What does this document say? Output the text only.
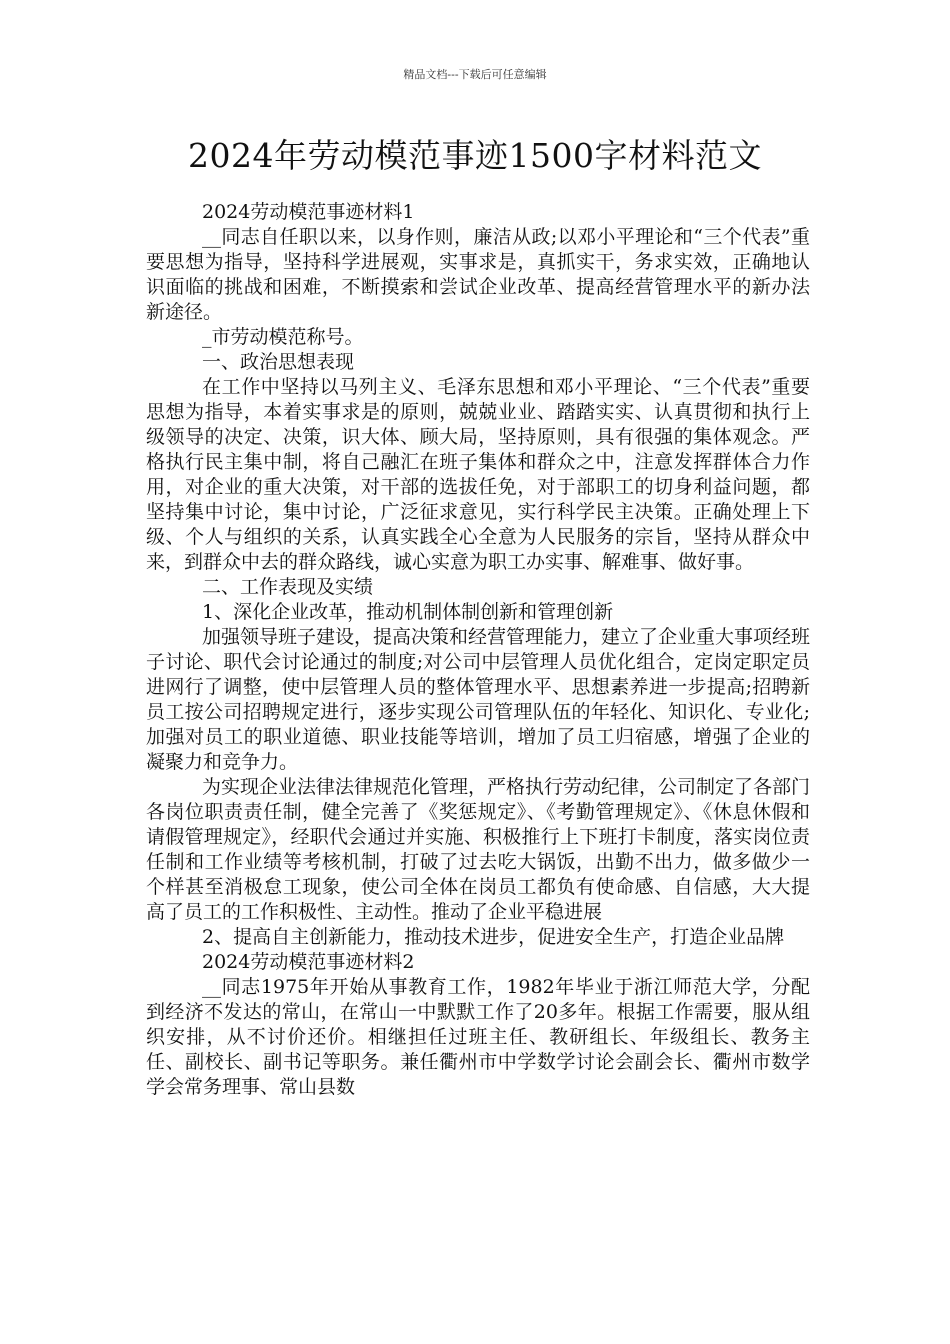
精品文档---下载后可任意编辑
2024年劳动模范事迹1500字材料范文

2024劳动模范事迹材料1

__同志自任职以来，以身作则，廉洁从政;以邓小平理论和“三个代表”重要思想为指导，坚持科学进展观，实事求是，真抓实干，务求实效，正确地认识面临的挑战和困难，不断摸索和尝试企业改革、提高经营管理水平的新办法新途径。

_市劳动模范称号。

一、政治思想表现

在工作中坚持以马列主义、毛泽东思想和邓小平理论、“三个代表”重要思想为指导，本着实事求是的原则，兢兢业业、踏踏实实、认真贯彻和执行上级领导的决定、决策，识大体、顾大局，坚持原则，具有很强的集体观念。严格执行民主集中制，将自己融汇在班子集体和群众之中，注意发挥群体合力作用，对企业的重大决策，对干部的选拔任免，对于部职工的切身利益问题，都坚持集中讨论，集中讨论，广泛征求意见，实行科学民主决策。正确处理上下级、个人与组织的关系，认真实践全心全意为人民服务的宗旨，坚持从群众中来，到群众中去的群众路线，诚心实意为职工办实事、解难事、做好事。

二、工作表现及实绩

1、深化企业改革，推动机制体制创新和管理创新

加强领导班子建设，提高决策和经营管理能力，建立了企业重大事项经班子讨论、职代会讨论通过的制度;对公司中层管理人员优化组合，定岗定职定员进网行了调整，使中层管理人员的整体管理水平、思想素养进一步提高;招聘新员工按公司招聘规定进行，逐步实现公司管理队伍的年轻化、知识化、专业化;加强对员工的职业道德、职业技能等培训，增加了员工归宿感，增强了企业的凝聚力和竞争力。

为实现企业法律法律规范化管理，严格执行劳动纪律，公司制定了各部门各岗位职责责任制，健全完善了《奖惩规定》、《考勤管理规定》、《休息休假和请假管理规定》，经职代会通过并实施、积极推行上下班打卡制度，落实岗位责任制和工作业绩等考核机制，打破了过去吃大锅饭，出勤不出力，做多做少一个样甚至消极怠工现象，使公司全体在岗员工都负有使命感、自信感，大大提高了员工的工作积极性、主动性。推动了企业平稳进展

2、提高自主创新能力，推动技术进步，促进安全生产，打造企业品牌

2024劳动模范事迹材料2

__同志1975年开始从事教育工作，1982年毕业于浙江师范大学，分配到经济不发达的常山，在常山一中默默工作了20多年。根据工作需要，服从组织安排，从不讨价还价。相继担任过班主任、教研组长、年级组长、教务主任、副校长、副书记等职务。兼任衢州市中学数学讨论会副会长、衢州市数学学会常务理事、常山县数
